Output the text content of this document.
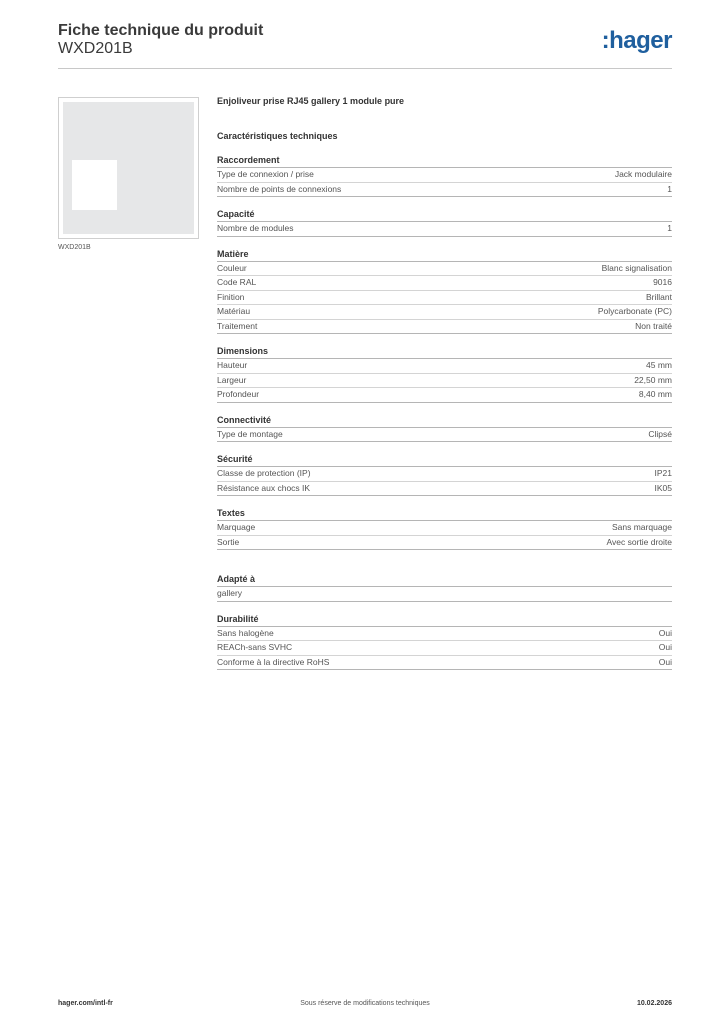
Fiche technique du produit
WXD201B	:hager
WXD201B
Enjoliveur prise RJ45 gallery 1 module pure
Caractéristiques techniques
Raccordement
Type de connexion / prise	Jack modulaire
Nombre de points de connexions	1
Capacité
Nombre de modules	1
Matière
Couleur	Blanc signalisation
Code RAL	9016
Finition	Brillant
Matériau	Polycarbonate (PC)
Traitement	Non traité
Dimensions
Hauteur	45 mm
Largeur	22,50 mm
Profondeur	8,40 mm
Connectivité
Type de montage	Clipsé
Sécurité
Classe de protection (IP)	IP21
Résistance aux chocs IK	IK05
Textes
Marquage	Sans marquage
Sortie	Avec sortie droite
Adapté à
gallery
Durabilité
Sans halogène	Oui
REACh-sans SVHC	Oui
Conforme à la directive RoHS	Oui
hager.com/intl-fr	Sous réserve de modifications techniques	10.02.2026
